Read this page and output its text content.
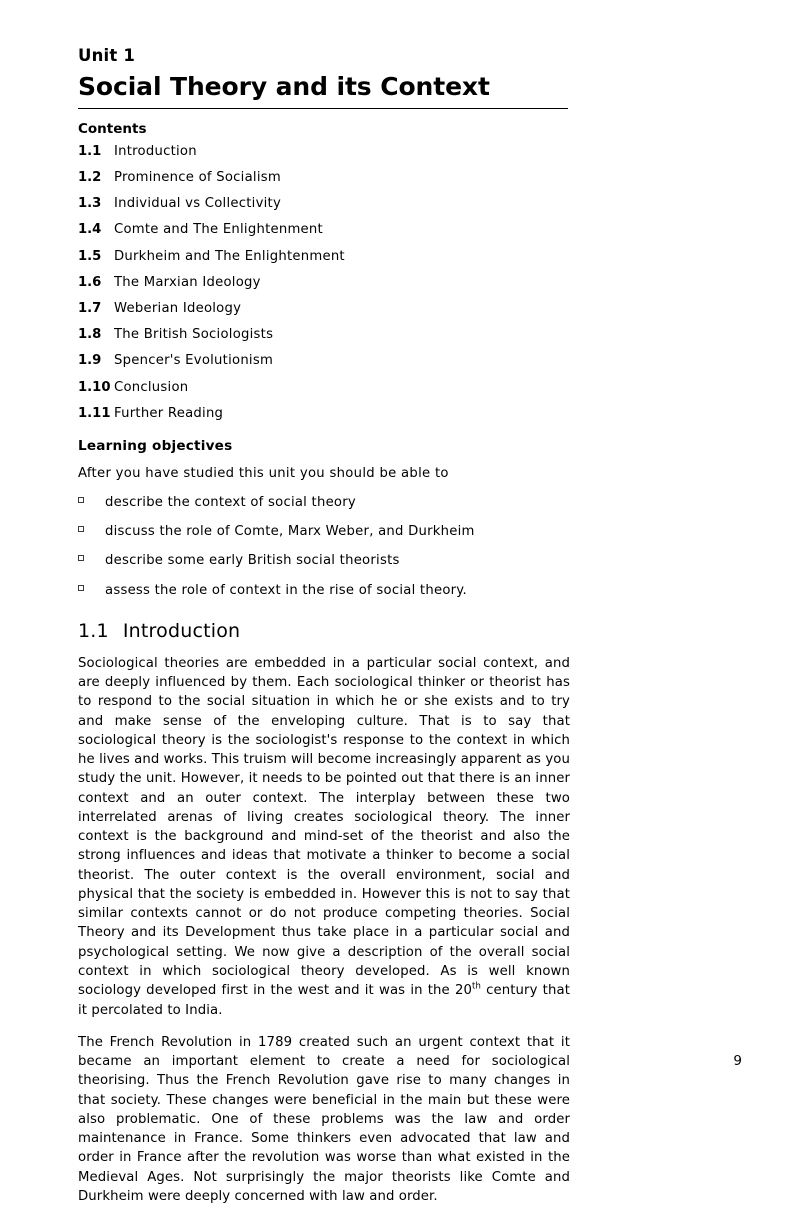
Unit 1
Social Theory and its Context
Contents
1.1 Introduction
1.2 Prominence of Socialism
1.3 Individual vs Collectivity
1.4 Comte and The Enlightenment
1.5 Durkheim and The Enlightenment
1.6 The Marxian Ideology
1.7 Weberian Ideology
1.8 The British Sociologists
1.9 Spencer's Evolutionism
1.10 Conclusion
1.11 Further Reading
Learning objectives
After you have studied this unit you should be able to
describe the context of social theory
discuss the role of Comte, Marx Weber, and Durkheim
describe some early British social theorists
assess the role of context in the rise of social theory.
1.1 Introduction

Sociological theories are embedded in a particular social context, and are deeply influenced by them. Each sociological thinker or theorist has to respond to the social situation in which he or she exists and to try and make sense of the enveloping culture. That is to say that sociological theory is the sociologist's response to the context in which he lives and works. This truism will become increasingly apparent as you study the unit. However, it needs to be pointed out that there is an inner context and an outer context. The interplay between these two interrelated arenas of living creates sociological theory. The inner context is the background and mind-set of the theorist and also the strong influences and ideas that motivate a thinker to become a social theorist. The outer context is the overall environment, social and physical that the society is embedded in. However this is not to say that similar contexts cannot or do not produce competing theories. Social Theory and its Development thus take place in a particular social and psychological setting. We now give a description of the overall social context in which sociological theory developed. As is well known sociology developed first in the west and it was in the 20th century that it percolated to India.

The French Revolution in 1789 created such an urgent context that it became an important element to create a need for sociological theorising. Thus the French Revolution gave rise to many changes in that society. These changes were beneficial in the main but these were also problematic. One of these problems was the law and order maintenance in France. Some thinkers even advocated that law and order in France after the revolution was worse than what existed in the Medieval Ages. Not surprisingly the major theorists like Comte and Durkheim were deeply concerned with law and order.

9
